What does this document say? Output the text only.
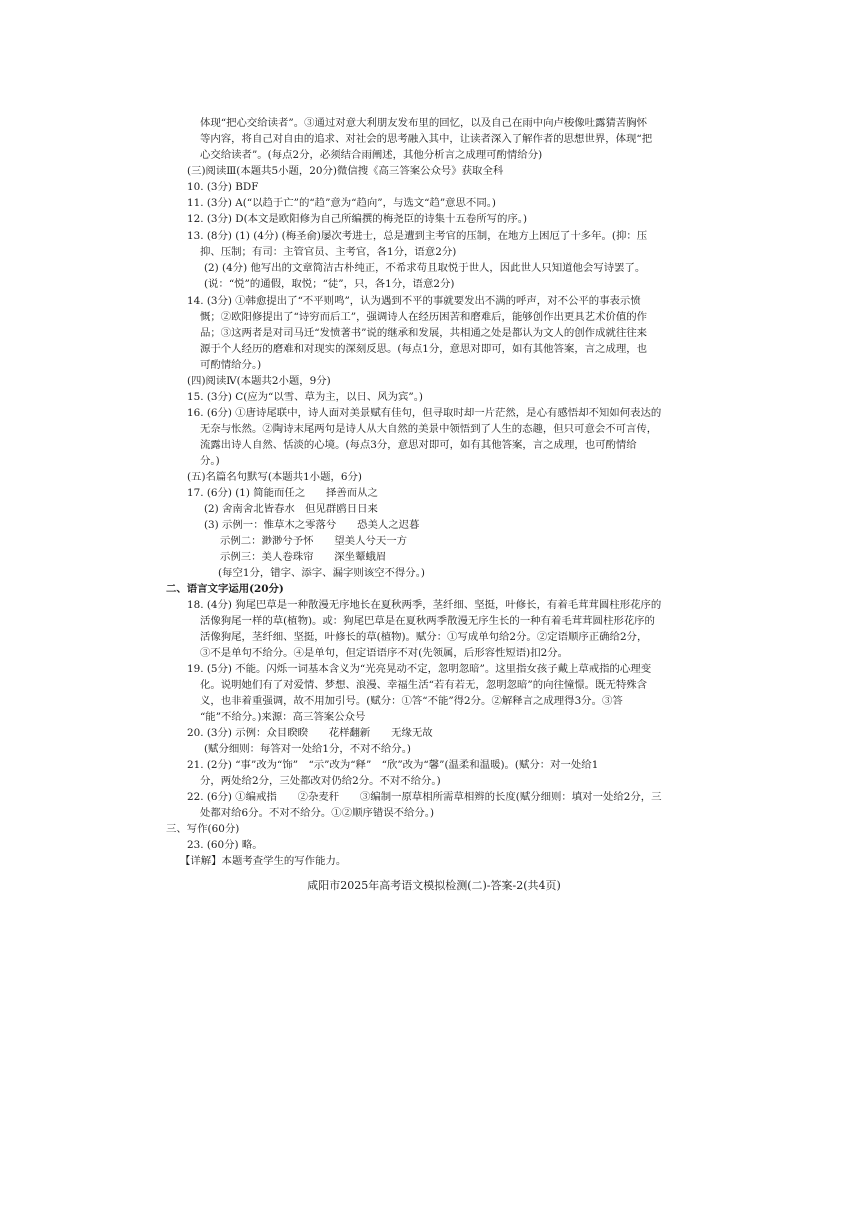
体现“把心交给读者”。③通过对意大利朋友发布里的回忆，以及自己在雨中向卢梭像吐露猜苦胸怀
等内容，将自己对自由的追求、对社会的思考融入其中，让读者深入了解作者的思想世界，体现“把
心交给读者”。(每点2分，必须结合雨阐述，其他分析言之成理可酌情给分)
(三)阅读Ⅲ(本题共5小题，20分)微信搜《高三答案公众号》获取全科
10. (3分) BDF
11. (3分) A(“以趋于亡”的“趋”意为“趋向”，与选文“趋”意思不同。)
12. (3分) D(本文是欧阳修为自己所编撰的梅尧臣的诗集十五卷所写的序。)
13. (8分) (1) (4分) (梅圣俞)屡次考进士，总是遭到主考官的压制，在地方上困厄了十多年。(抑：压
抑、压制；有司：主管官员、主考官，各1分，语意2分)
(2) (4分) 他写出的文章简洁古朴纯正，不希求苟且取悦于世人，因此世人只知道他会写诗罢了。
(说：“悦”的通假，取悦；“徒”，只，各1分，语意2分)
14. (3分) ①韩愈提出了“不平则鸣”，认为遇到不平的事就要发出不满的呼声，对不公平的事表示愤
慨；②欧阳修提出了“诗穷而后工”，强调诗人在经历困苦和磨难后，能够创作出更具艺术价值的作
品；③这两者是对司马迁“发愤著书”说的继承和发展，共相通之处是都认为文人的创作成就往往来
源于个人经历的磨难和对现实的深刻反思。(每点1分，意思对即可，如有其他答案，言之成理，也
可酌情给分。)
(四)阅读Ⅳ(本题共2小题，9分)
15. (3分) C(应为“以雪、草为主，以日、风为宾”。)
16. (6分) ①唐诗尾联中，诗人面对美景赋有佳句，但寻取时却一片茫然，是心有感悟却不知如何表达的
无奈与怅然。②陶诗末尾两句是诗人从大自然的美景中领悟到了人生的态趣，但只可意会不可言传，
流露出诗人自然、恬淡的心境。(每点3分，意思对即可，如有其他答案，言之成理，也可酌情给
分。)
(五)名篇名句默写(本题共1小题，6分)
17. (6分) (1) 简能而任之　　择善而从之
(2) 舍南舍北皆春水　但见群鸥日日来
(3) 示例一：惟草木之零落兮　　恐美人之迟暮
示例二：渺渺兮予怀　　望美人兮天一方
示例三：美人卷珠帘　　深坐颦蛾眉
(每空1分，错字、添字、漏字则该空不得分。)
二、语言文字运用(20分)
18. (4分) 狗尾巴草是一种散漫无序地长在夏秋两季，茎纤细、坚挺，叶修长，有着毛茸茸圆柱形花序的
活像狗尾一样的草(植物)。或：狗尾巴草是在夏秋两季散漫无序生长的一种有着毛茸茸圆柱形花序的
活像狗尾，茎纤细、坚挺，叶修长的草(植物)。赋分：①写成单句给2分。②定语顺序正确给2分，
③不是单句不给分。④是单句，但定语语序不对(先领属，后形容性短语)扣2分。
19. (5分) 不能。闪烁一词基本含义为“光亮晃动不定，忽明忽暗”。这里指女孩子戴上草戒指的心理变
化。说明她们有了对爱情、梦想、浪漫、幸福生活“若有若无，忽明忽暗”的向往憧憬。既无特殊含
义，也非着重强调，故不用加引号。(赋分：①答“不能”得2分。②解释言之成理得3分。③答
“能”不给分。)来源：高三答案公众号
20. (3分) 示例：众目睽睽　　花样翻新　　无缘无故
(赋分细则：每答对一处给1分，不对不给分。)
21. (2分) “事”改为“饰”　“示”改为“释”　“欣”改为“馨”(温柔和温暖)。(赋分：对一处给1
分，两处给2分，三处都改对仍给2分。不对不给分。)
22. (6分) ①编戒指　　②杂麦秆　　③编制一原草相所需草相辫的长度(赋分细则：填对一处给2分，三
处都对给6分。不对不给分。①②顺序错误不给分。)
三、写作(60分)
23. (60分) 略。
【详解】本题考查学生的写作能力。
咸阳市2025年高考语文模拟检测(二)-答案-2(共4页)
